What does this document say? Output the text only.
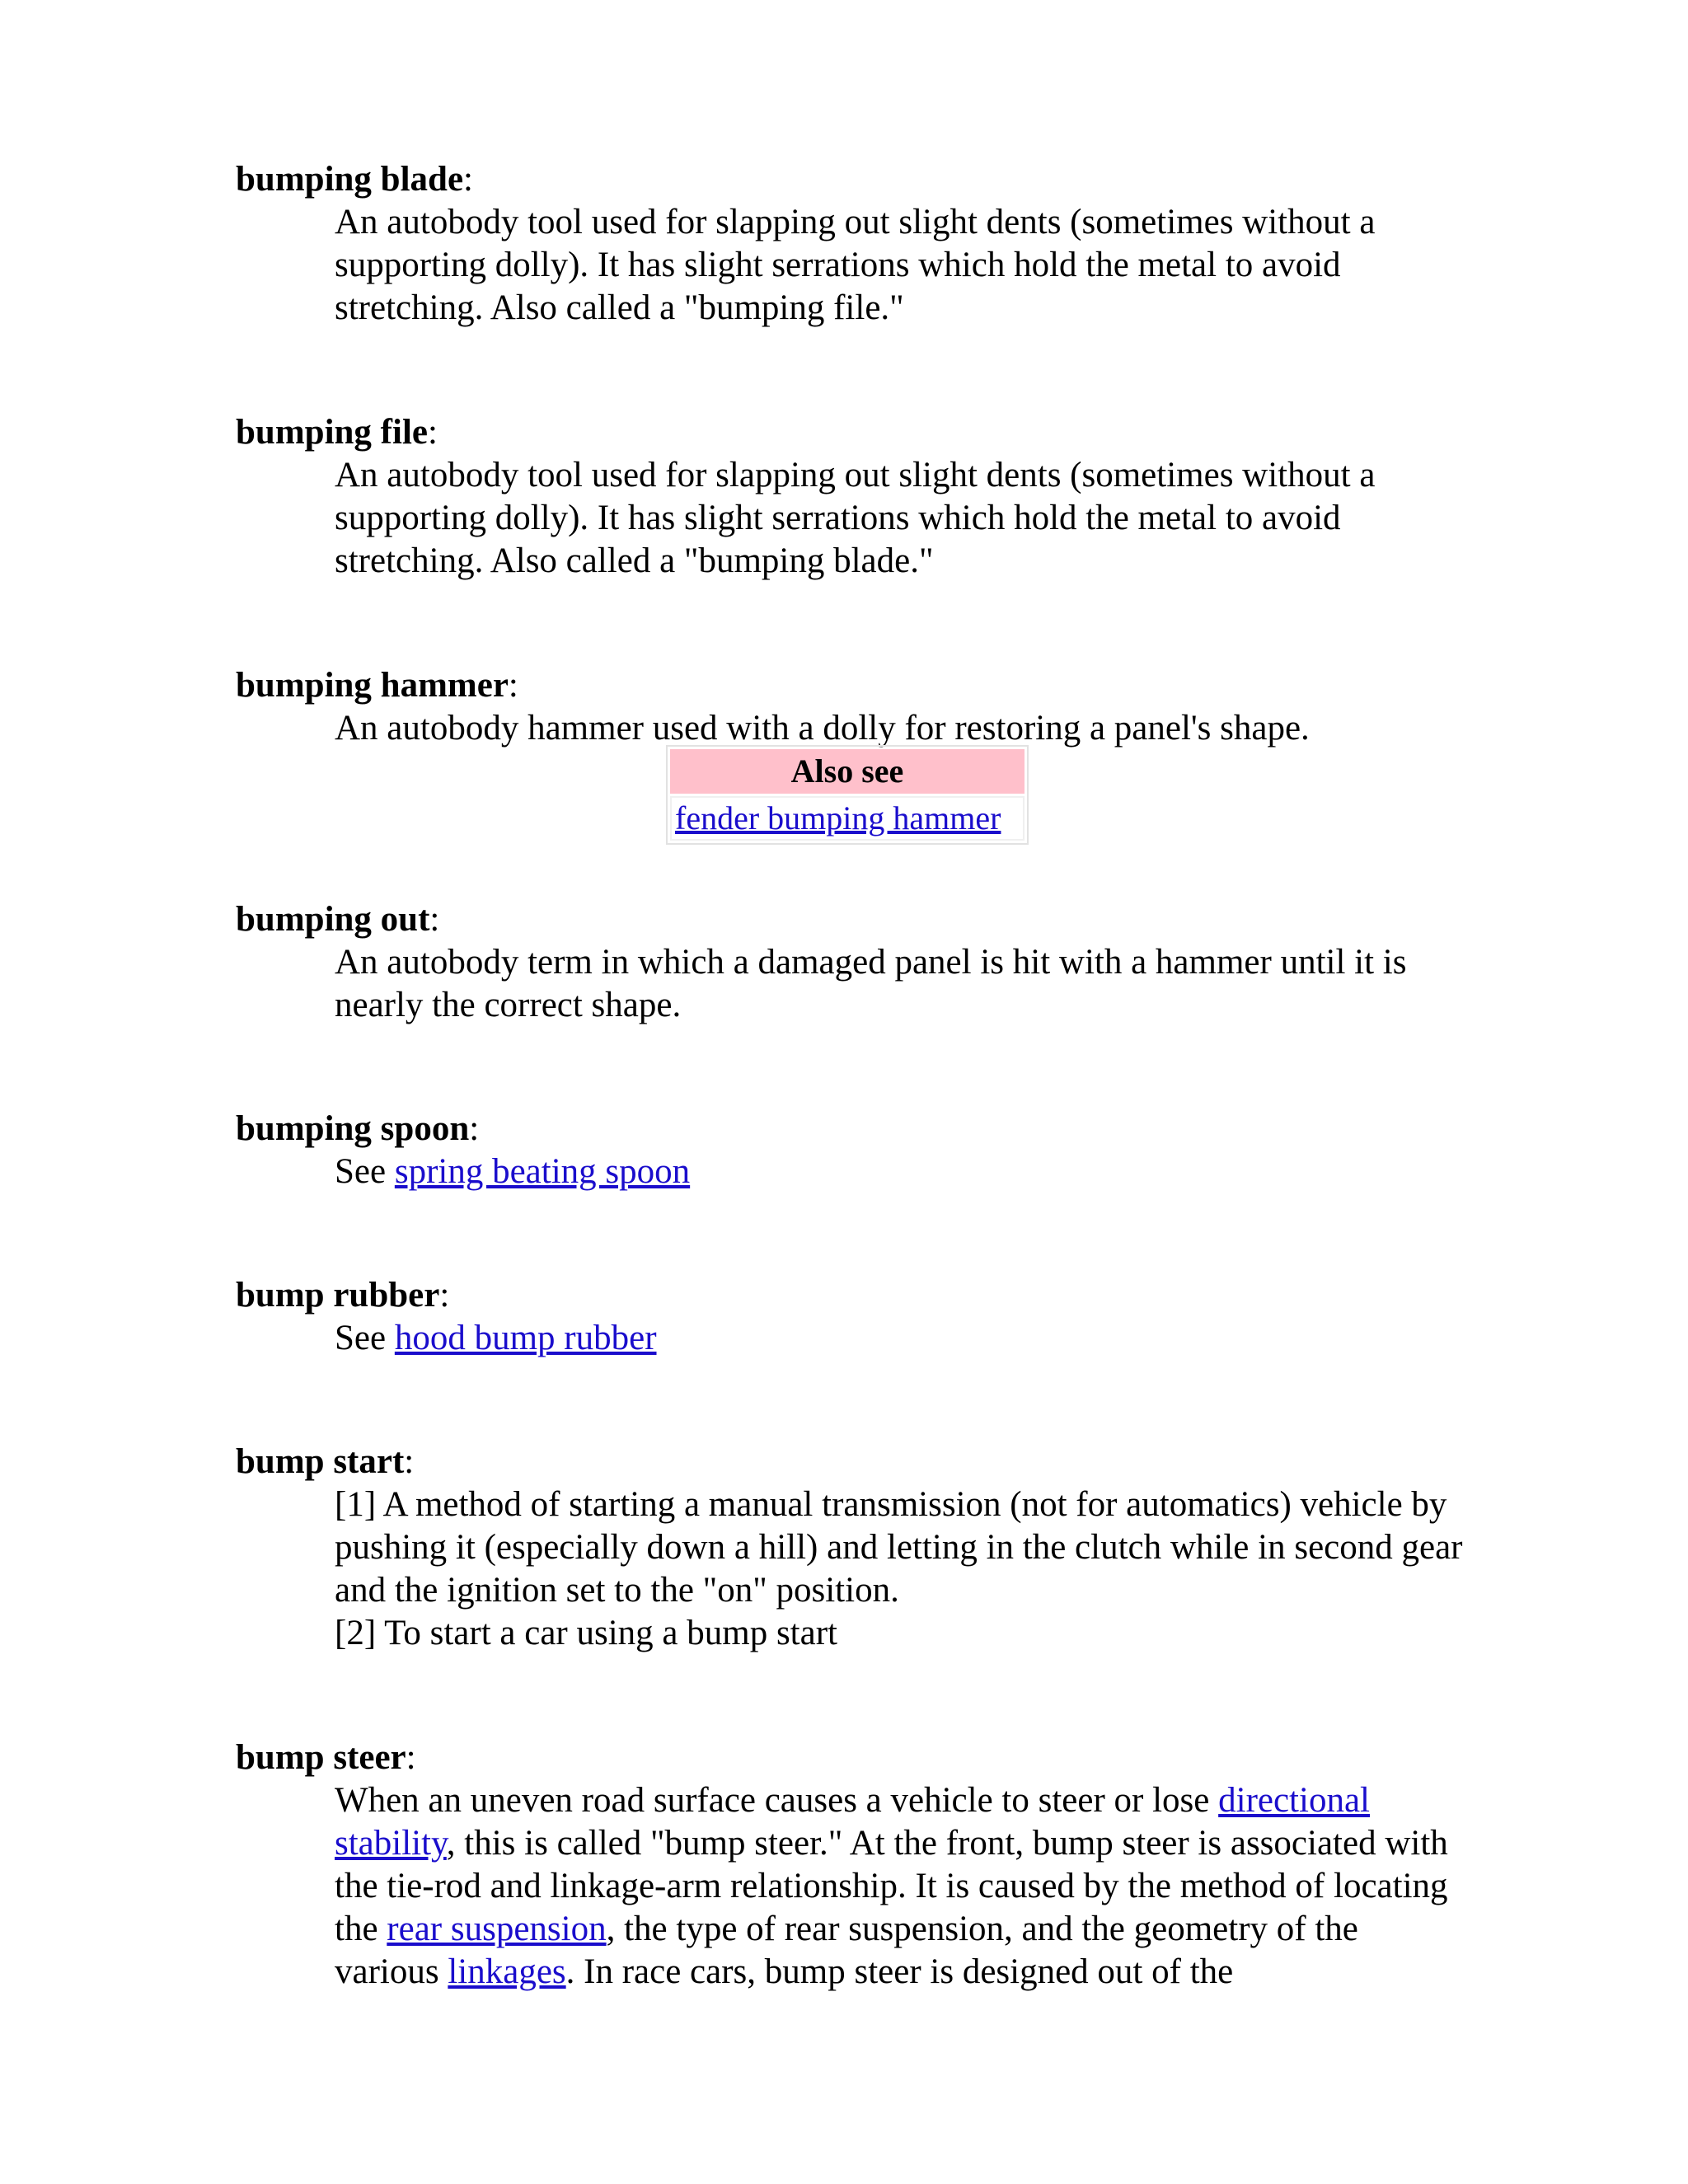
bumping blade:

An autobody tool used for slapping out slight dents (sometimes without a supporting dolly). It has slight serrations which hold the metal to avoid stretching. Also called a "bumping file."

bumping file:

An autobody tool used for slapping out slight dents (sometimes without a supporting dolly). It has slight serrations which hold the metal to avoid stretching. Also called a "bumping blade."

bumping hammer:

An autobody hammer used with a dolly for restoring a panel's shape.

Also see
fender bumping hammer

bumping out:

An autobody term in which a damaged panel is hit with a hammer until it is nearly the correct shape.

bumping spoon:

See spring beating spoon

bump rubber:

See hood bump rubber

bump start:

[1] A method of starting a manual transmission (not for automatics) vehicle by pushing it (especially down a hill) and letting in the clutch while in second gear and the ignition set to the "on" position.

[2] To start a car using a bump start

bump steer:

When an uneven road surface causes a vehicle to steer or lose directional stability, this is called "bump steer." At the front, bump steer is associated with the tie-rod and linkage-arm relationship. It is caused by the method of locating the rear suspension, the type of rear suspension, and the geometry of the various linkages. In race cars, bump steer is designed out of the
